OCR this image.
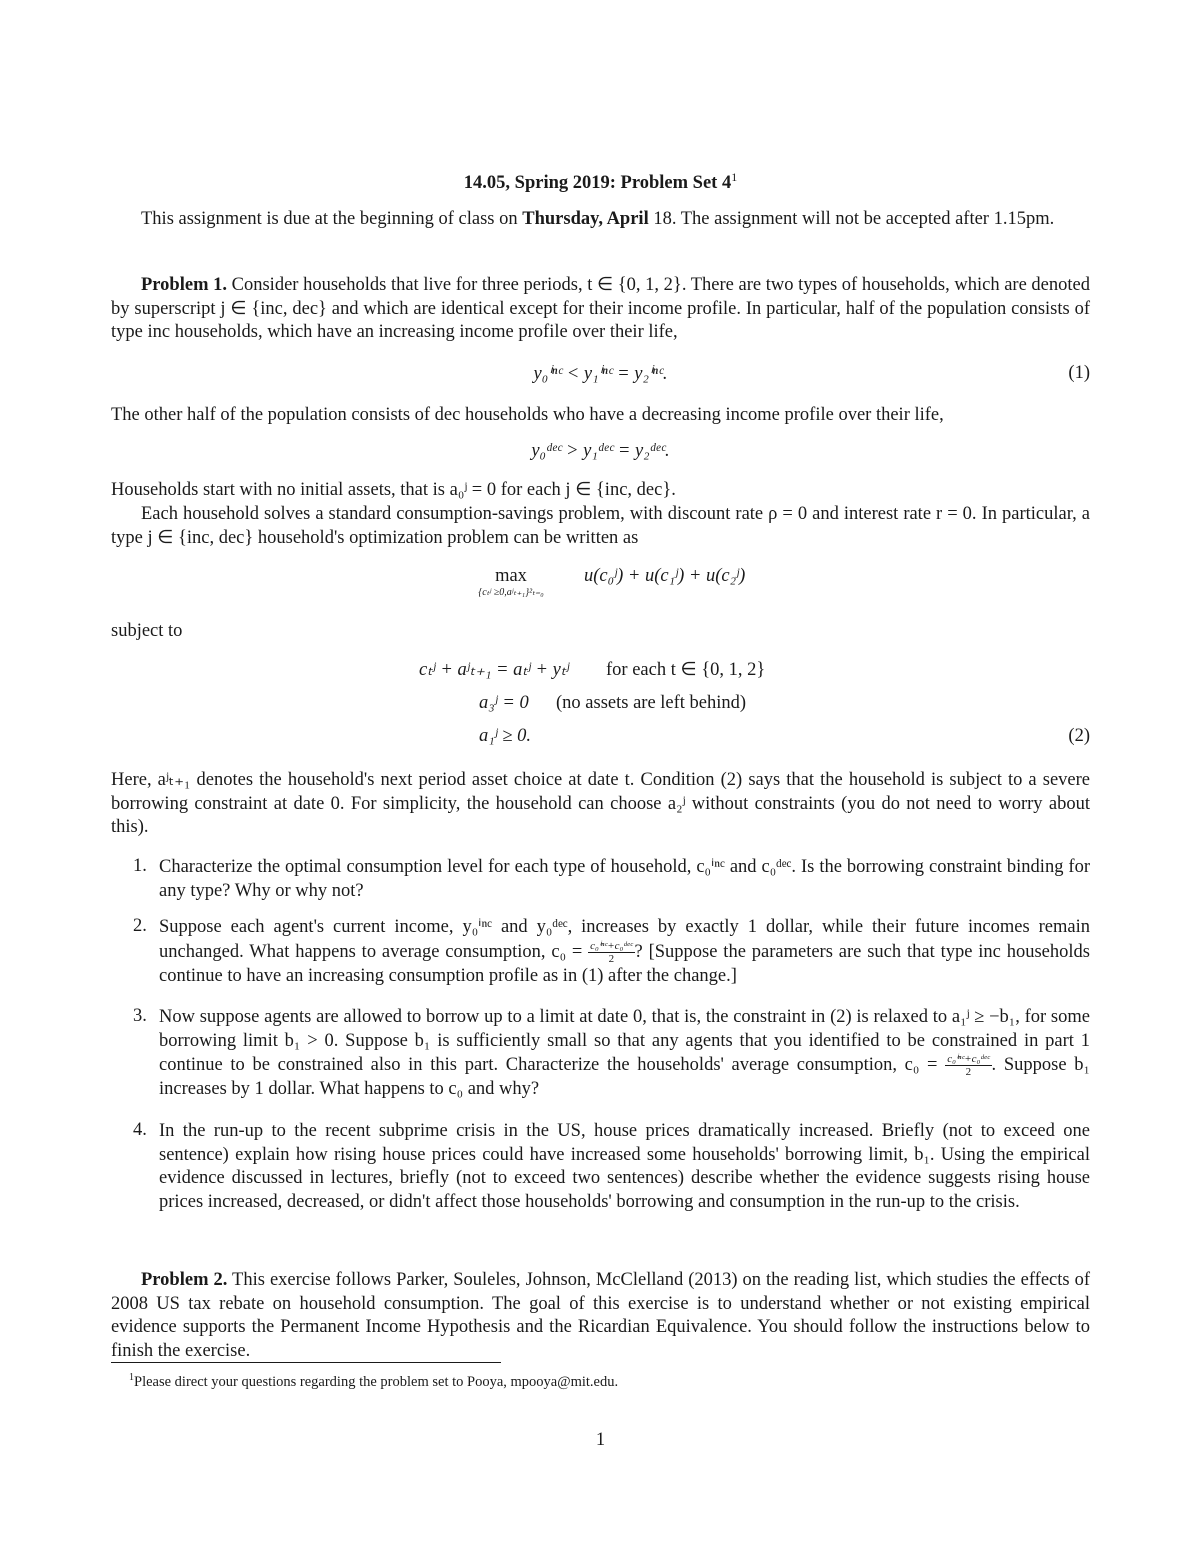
14.05, Spring 2019: Problem Set $4^1$
This assignment is due at the beginning of class on Thursday, April 18. The assignment will not be accepted after 1.15pm.
Problem 1. Consider households that live for three periods, t ∈ {0, 1, 2}. There are two types of households, which are denoted by superscript j ∈ {inc, dec} and which are identical except for their income profile. In particular, half of the population consists of type inc households, which have an increasing income profile over their life,
y₀ⁱⁿᶜ < y₁ⁱⁿᶜ = y₂ⁱⁿᶜ.	(1)
The other half of the population consists of dec households who have a decreasing income profile over their life,
y₀ᵈᵉᶜ > y₁ᵈᵉᶜ = y₂ᵈᵉᶜ.
Households start with no initial assets, that is a₀ʲ = 0 for each j ∈ {inc, dec}.
Each household solves a standard consumption-savings problem, with discount rate ρ = 0 and interest rate r = 0. In particular, a type j ∈ {inc, dec} household's optimization problem can be written as
max
{cₜʲ ≥0,aʲₜ₊₁}²ₜ₌₀
u(c₀ʲ) + u(c₁ʲ) + u(c₂ʲ)
subject to
cₜʲ + aʲₜ₊₁ = aₜʲ + yₜʲ for each t ∈ {0, 1, 2}
a₃ʲ = 0 (no assets are left behind)
a₁ʲ ≥ 0.	(2)
Here, aʲₜ₊₁ denotes the household's next period asset choice at date t. Condition (2) says that the household is subject to a severe borrowing constraint at date 0. For simplicity, the household can choose a₂ʲ without constraints (you do not need to worry about this).
1. Characterize the optimal consumption level for each type of household, c₀ⁱⁿᶜ and c₀ᵈᵉᶜ. Is the borrowing constraint binding for any type? Why or why not?
2. Suppose each agent's current income, y₀ⁱⁿᶜ and y₀ᵈᵉᶜ, increases by exactly 1 dollar, while their future incomes remain unchanged. What happens to average consumption, $c_0 = \frac{\text{c₀ⁱⁿᶜ+c₀ᵈᵉᶜ}}{2}$ ? [Suppose the parameters are such that type inc households continue to have an increasing consumption profile as in (1) after the change.]
3. Now suppose agents are allowed to borrow up to a limit at date 0, that is, the constraint in (2) is relaxed to a₁ʲ ≥ −b₁, for some borrowing limit b₁ > 0. Suppose b₁ is sufficiently small so that any agents that you identified to be constrained in part 1 continue to be constrained also in this part. Characterize the households' average consumption, $c_0 = \frac{\text{c₀ⁱⁿᶜ+c₀ᵈᵉᶜ}}{2}$ . Suppose b₁ increases by 1 dollar. What happens to c₀ and why?
4. In the run-up to the recent subprime crisis in the US, house prices dramatically increased. Briefly (not to exceed one sentence) explain how rising house prices could have increased some households' borrowing limit, b₁. Using the empirical evidence discussed in lectures, briefly (not to exceed two sentences) describe whether the evidence suggests rising house prices increased, decreased, or didn't affect those households' borrowing and consumption in the run-up to the crisis.
Problem 2. This exercise follows Parker, Souleles, Johnson, McClelland (2013) on the reading list, which studies the effects of 2008 US tax rebate on household consumption. The goal of this exercise is to understand whether or not existing empirical evidence supports the Permanent Income Hypothesis and the Ricardian Equivalence. You should follow the instructions below to finish the exercise.
$^1$Please direct your questions regarding the problem set to Pooya, mpooya@mit.edu.
1
